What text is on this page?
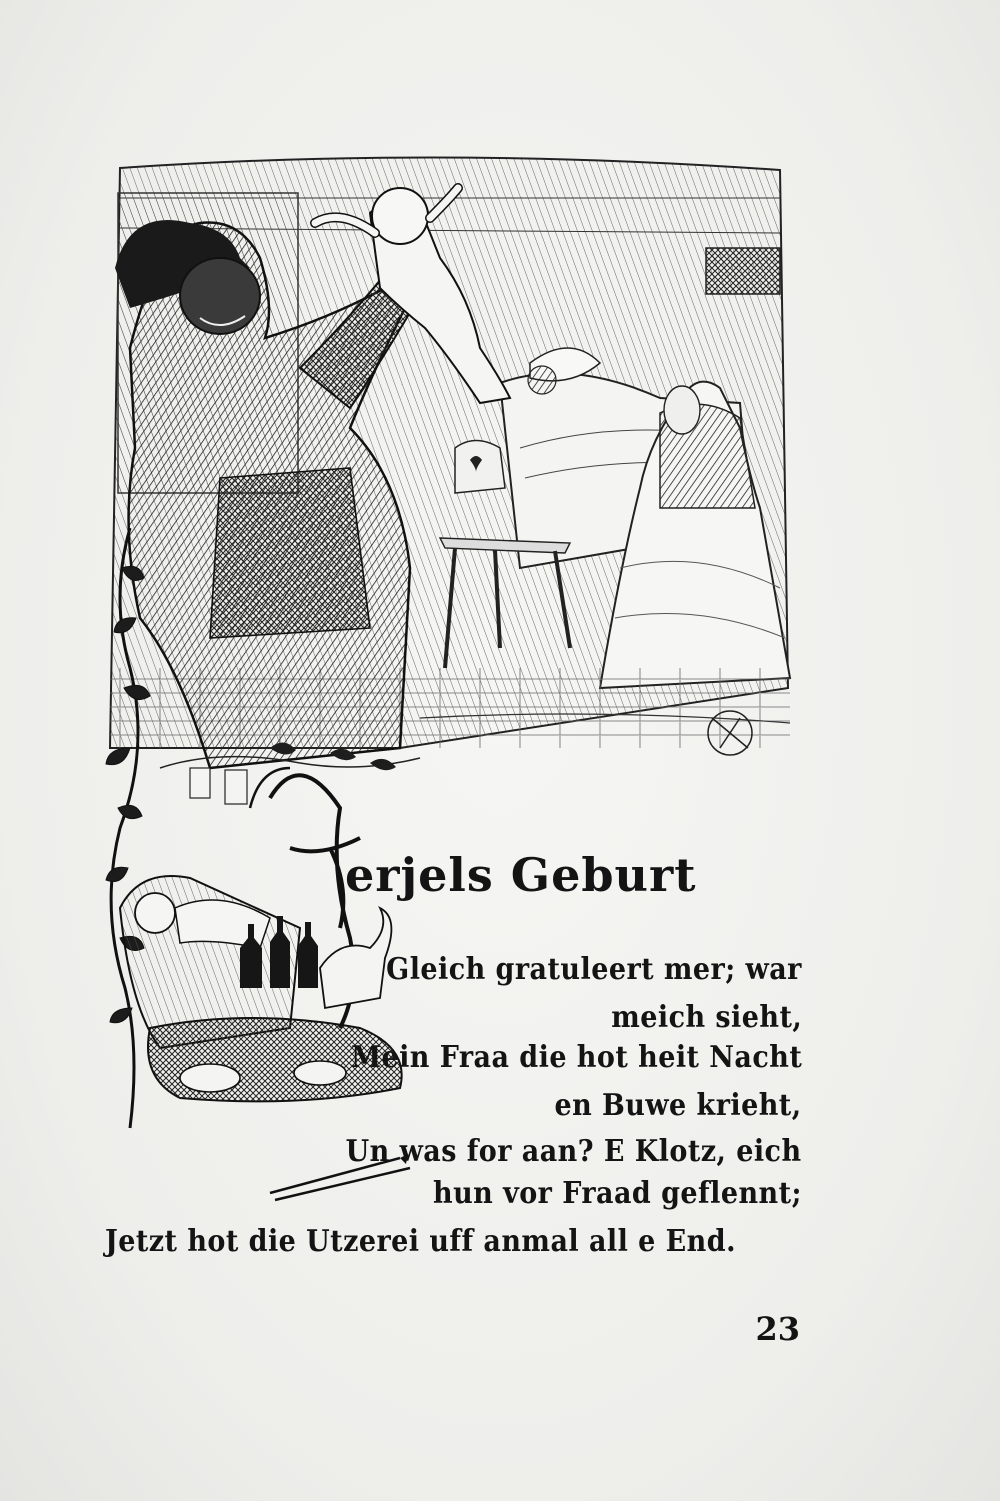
erjels Geburt
Gleich gratuleert mer; war
meich sieht,
Mein Fraa die hot heit Nacht
en Buwe krieht,
Un was for aan? E Klotz, eich
hun vor Fraad geflennt;
Jetzt hot die Utzerei uff anmal all e End.
23
